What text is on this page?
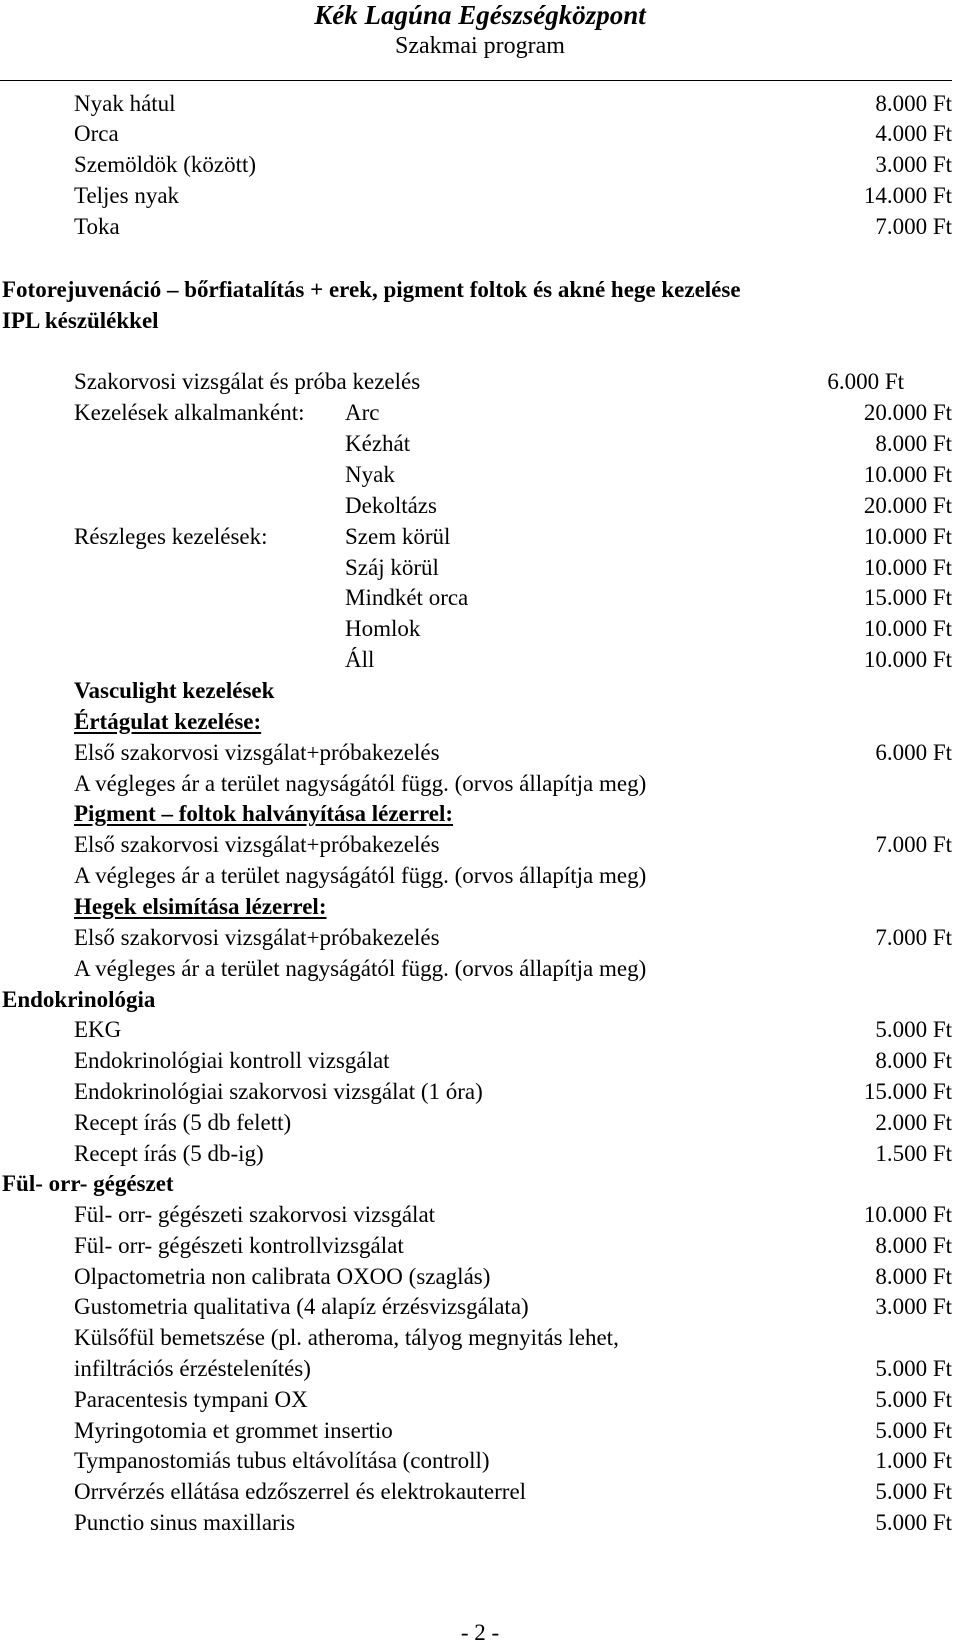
Kék Lagúna Egészségközpont
Szakmai program
Nyak hátul	8.000 Ft
Orca	4.000 Ft
Szemöldök (között)	3.000 Ft
Teljes nyak	14.000 Ft
Toka	7.000 Ft
Fotorejuvenáció – bőrfiatalítás + erek, pigment foltok és akné hege kezelése
IPL készülékkel
Szakorvosi vizsgálat és próba kezelés	6.000 Ft
Kezelések alkalmanként: Arc	20.000 Ft
Kézhát	8.000 Ft
Nyak	10.000 Ft
Dekoltázs	20.000 Ft
Részleges kezelések:	Szem körül	10.000 Ft
Száj körül	10.000 Ft
Mindkét orca	15.000 Ft
Homlok	10.000 Ft
Áll	10.000 Ft
Vasculight kezelések
Értágulat kezelése:
Első szakorvosi vizsgálat+próbakezelés	6.000 Ft
A végleges ár a terület nagyságától függ. (orvos állapítja meg)
Pigment – foltok halványítása lézerrel:
Első szakorvosi vizsgálat+próbakezelés	7.000 Ft
A végleges ár a terület nagyságától függ. (orvos állapítja meg)
Hegek elsimítása lézerrel:
Első szakorvosi vizsgálat+próbakezelés	7.000 Ft
A végleges ár a terület nagyságától függ. (orvos állapítja meg)
Endokrinológia
EKG	5.000 Ft
Endokrinológiai kontroll vizsgálat	8.000 Ft
Endokrinológiai szakorvosi vizsgálat (1 óra)	15.000 Ft
Recept írás (5 db felett)	2.000 Ft
Recept írás (5 db-ig)	1.500 Ft
Fül- orr- gégészet
Fül- orr- gégészeti szakorvosi vizsgálat	10.000 Ft
Fül- orr- gégészeti kontrollvizsgálat	8.000 Ft
Olpactometria non calibrata OXOO (szaglás)	8.000 Ft
Gustometria qualitativa (4 alapíz érzésvizsgálata)	3.000 Ft
Külsőfül bemetszése (pl. atheroma, tályog megnyitás lehet,
infiltrációs érzéstelenítés)	5.000 Ft
Paracentesis tympani OX	5.000 Ft
Myringotomia et grommet insertio	5.000 Ft
Tympanostomiás tubus eltávolítása (controll)	1.000 Ft
Orrvérzés ellátása edzőszerrel és elektrokauterrel	5.000 Ft
Punctio sinus maxillaris	5.000 Ft
- 2 -
